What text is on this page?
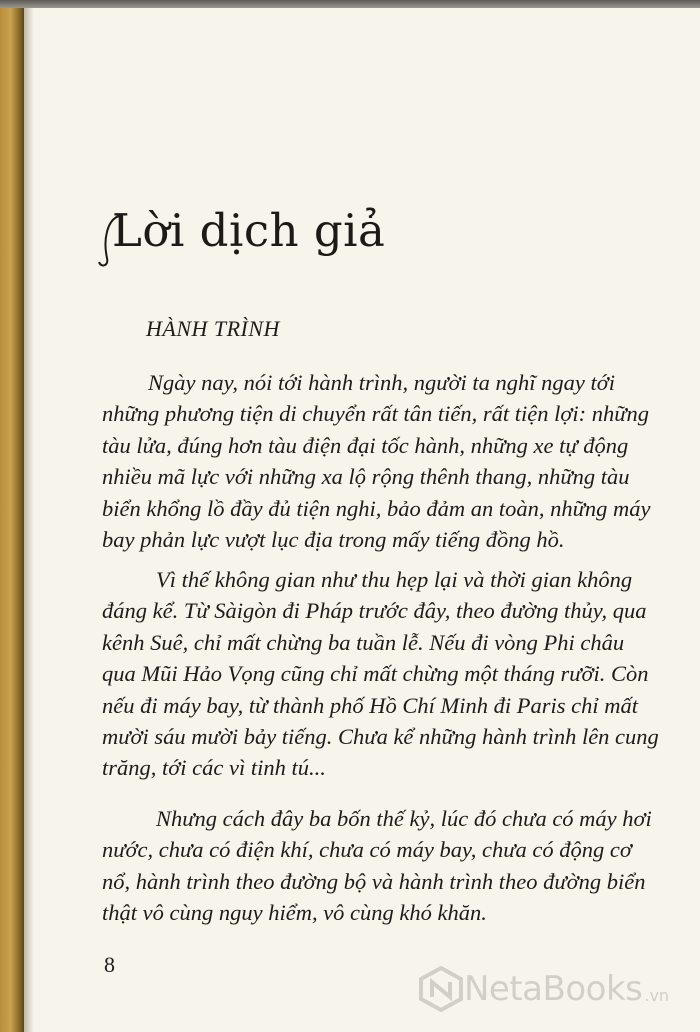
Lời dịch giả
HÀNH TRÌNH

Ngày nay, nói tới hành trình, người ta nghĩ ngay tới
những phương tiện di chuyển rất tân tiến, rất tiện lợi: những
tàu lửa, đúng hơn tàu điện đại tốc hành, những xe tự động
nhiều mã lực với những xa lộ rộng thênh thang, những tàu
biển khổng lồ đầy đủ tiện nghi, bảo đảm an toàn, những máy
bay phản lực vượt lục địa trong mấy tiếng đồng hồ.

Vì thế không gian như thu hẹp lại và thời gian không
đáng kể. Từ Sàigòn đi Pháp trước đây, theo đường thủy, qua
kênh Suê, chỉ mất chừng ba tuần lễ. Nếu đi vòng Phi châu
qua Mũi Hảo Vọng cũng chỉ mất chừng một tháng rưỡi. Còn
nếu đi máy bay, từ thành phố Hồ Chí Minh đi Paris chỉ mất
mười sáu mười bảy tiếng. Chưa kể những hành trình lên cung
trăng, tới các vì tinh tú...

Nhưng cách đây ba bốn thế kỷ, lúc đó chưa có máy hơi
nước, chưa có điện khí, chưa có máy bay, chưa có động cơ
nổ, hành trình theo đường bộ và hành trình theo đường biển
thật vô cùng nguy hiểm, vô cùng khó khăn.

8
NetaBooks .vn
